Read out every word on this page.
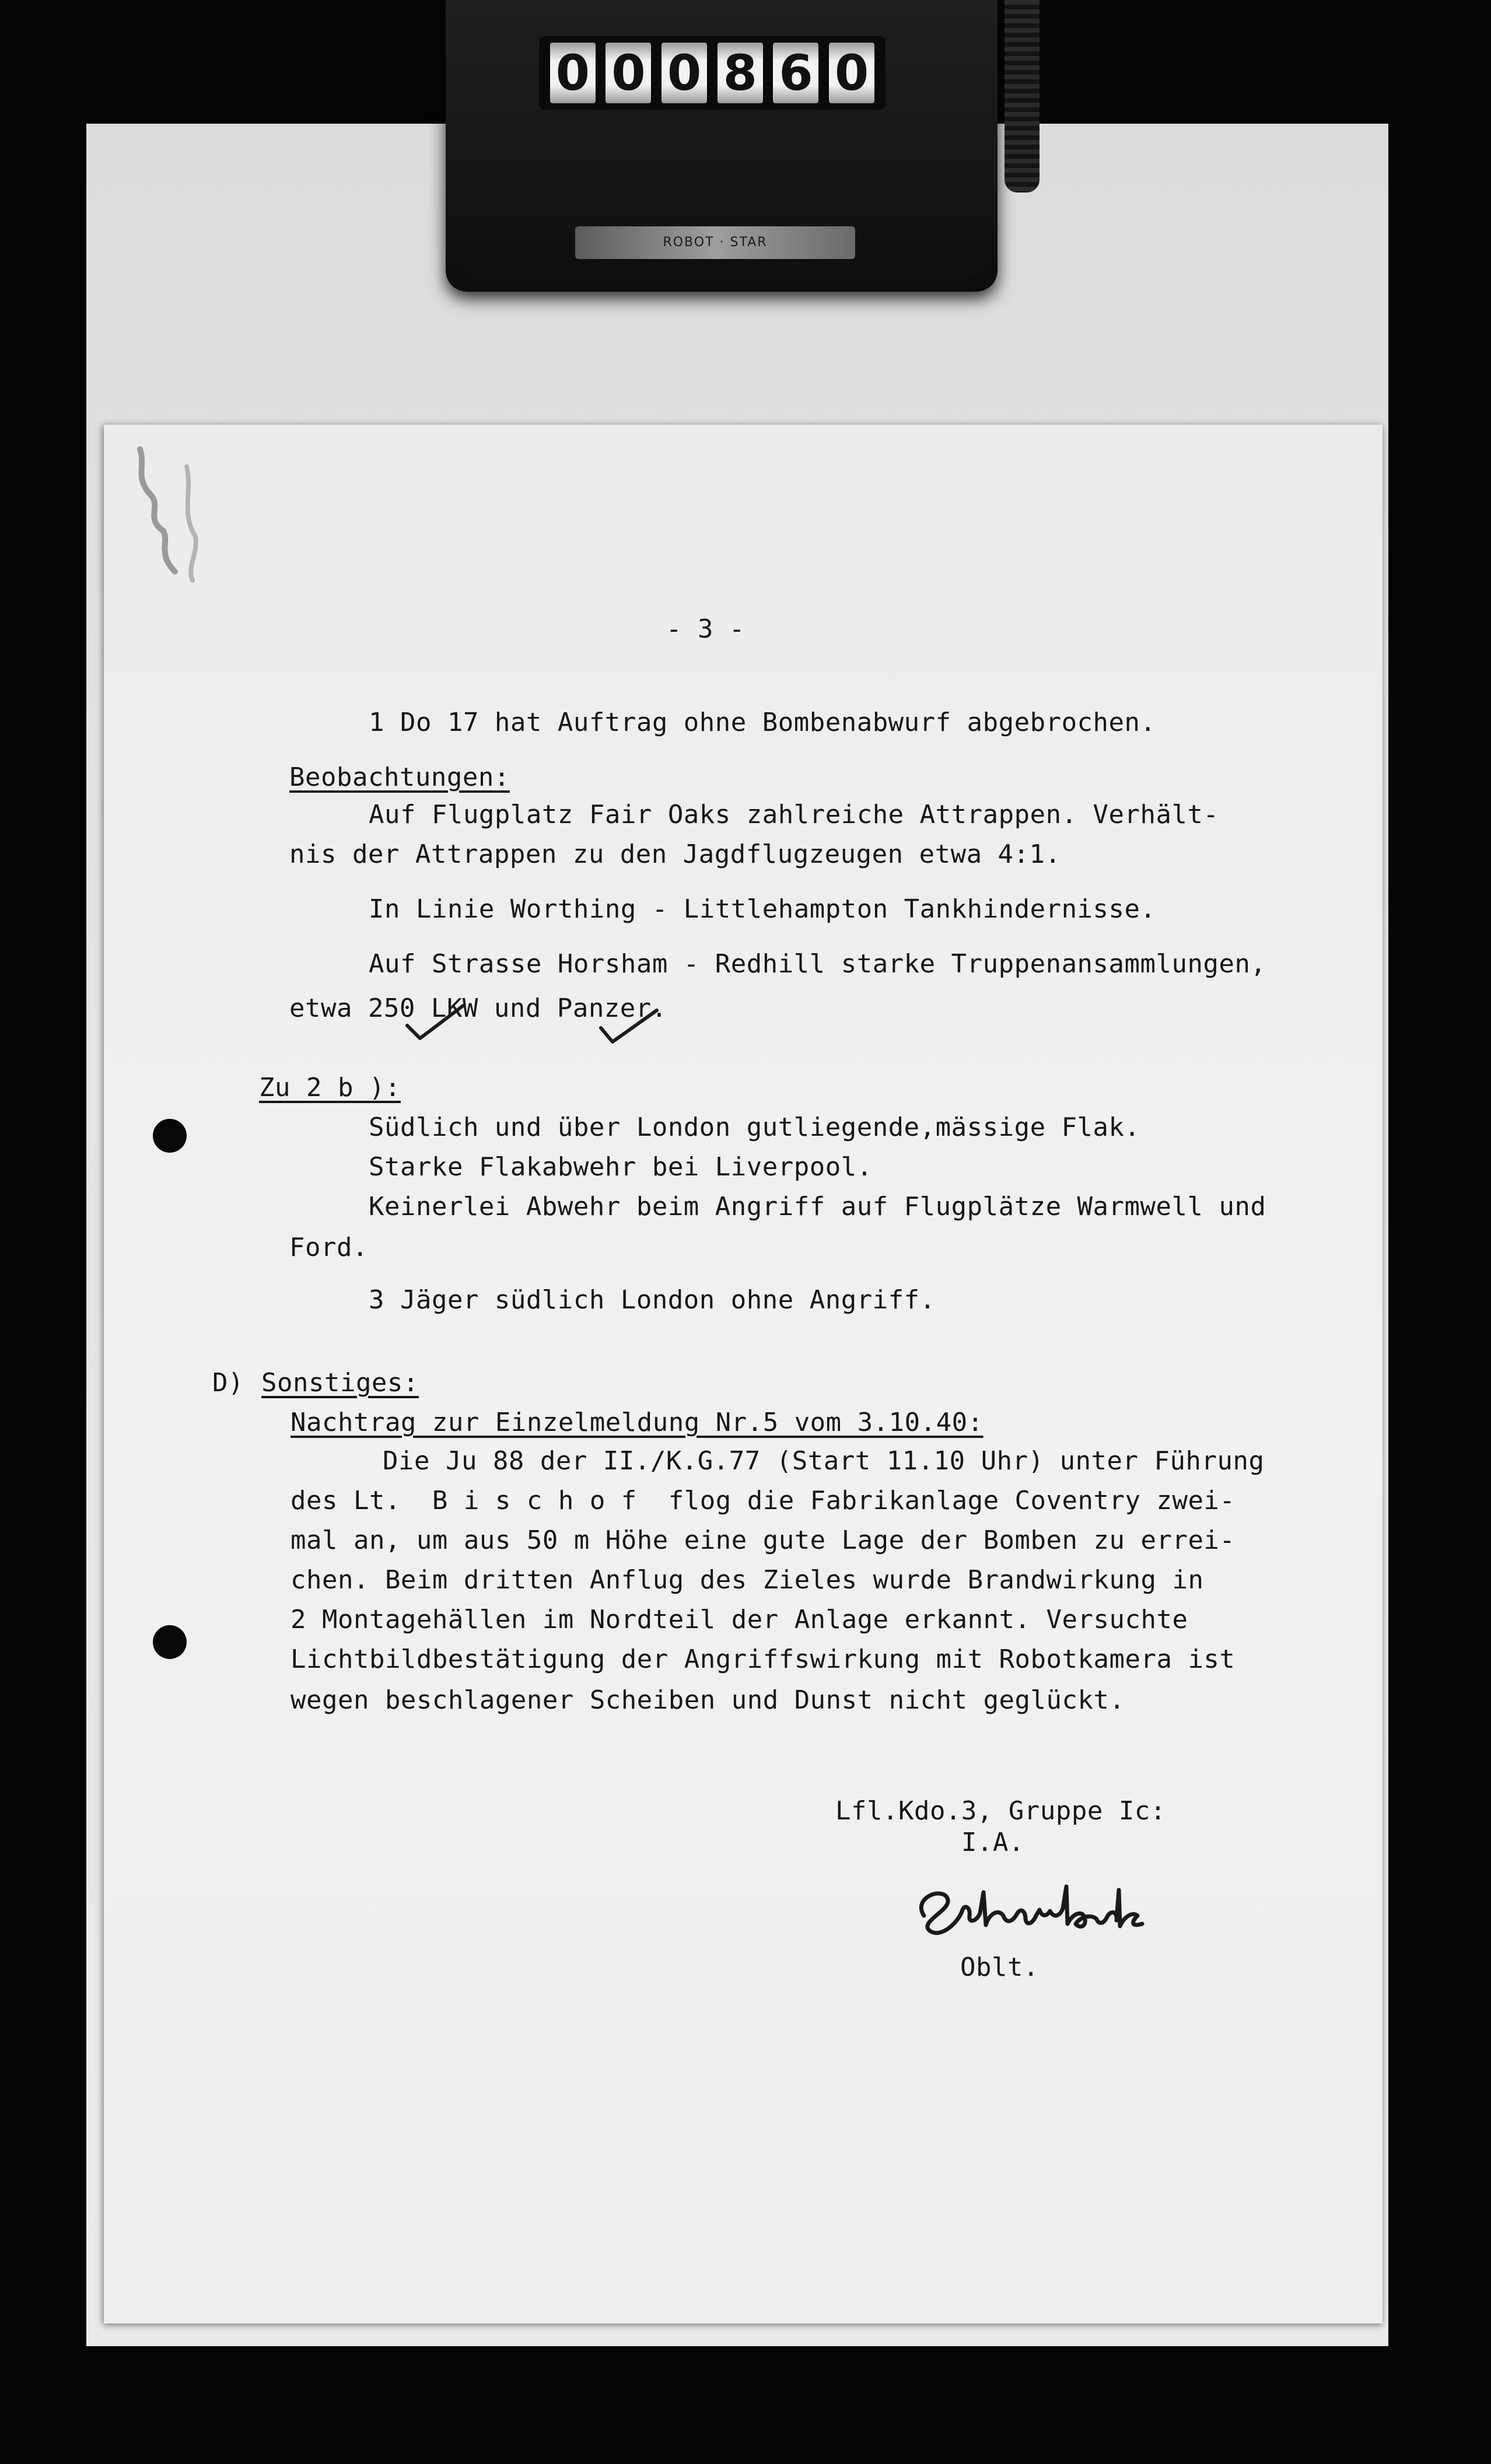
0 0 0 8 6 0
ROBOT · STAR
- 3 -
1 Do 17 hat Auftrag ohne Bombenabwurf abgebrochen.
Beobachtungen:
Auf Flugplatz Fair Oaks zahlreiche Attrappen. Verhält-
nis der Attrappen zu den Jagdflugzeugen etwa 4:1.
In Linie Worthing - Littlehampton Tankhindernisse.
Auf Strasse Horsham - Redhill starke Truppenansammlungen,
etwa 250 LKW und Panzer.
Zu 2 b ):
Südlich und über London gutliegende,mässige Flak.
Starke Flakabwehr bei Liverpool.
Keinerlei Abwehr beim Angriff auf Flugplätze Warmwell und
Ford.
3 Jäger südlich London ohne Angriff.
D) Sonstiges:
Nachtrag zur Einzelmeldung Nr.5 vom 3.10.40:
Die Ju 88 der II./K.G.77 (Start 11.10 Uhr) unter Führung
des Lt.  B i s c h o f  flog die Fabrikanlage Coventry zwei-
mal an, um aus 50 m Höhe eine gute Lage der Bomben zu errei-
chen. Beim dritten Anflug des Zieles wurde Brandwirkung in
2 Montagehällen im Nordteil der Anlage erkannt. Versuchte
Lichtbildbestätigung der Angriffswirkung mit Robotkamera ist
wegen beschlagener Scheiben und Dunst nicht geglückt.
Lfl.Kdo.3, Gruppe Ic:
I.A.
Oblt.
